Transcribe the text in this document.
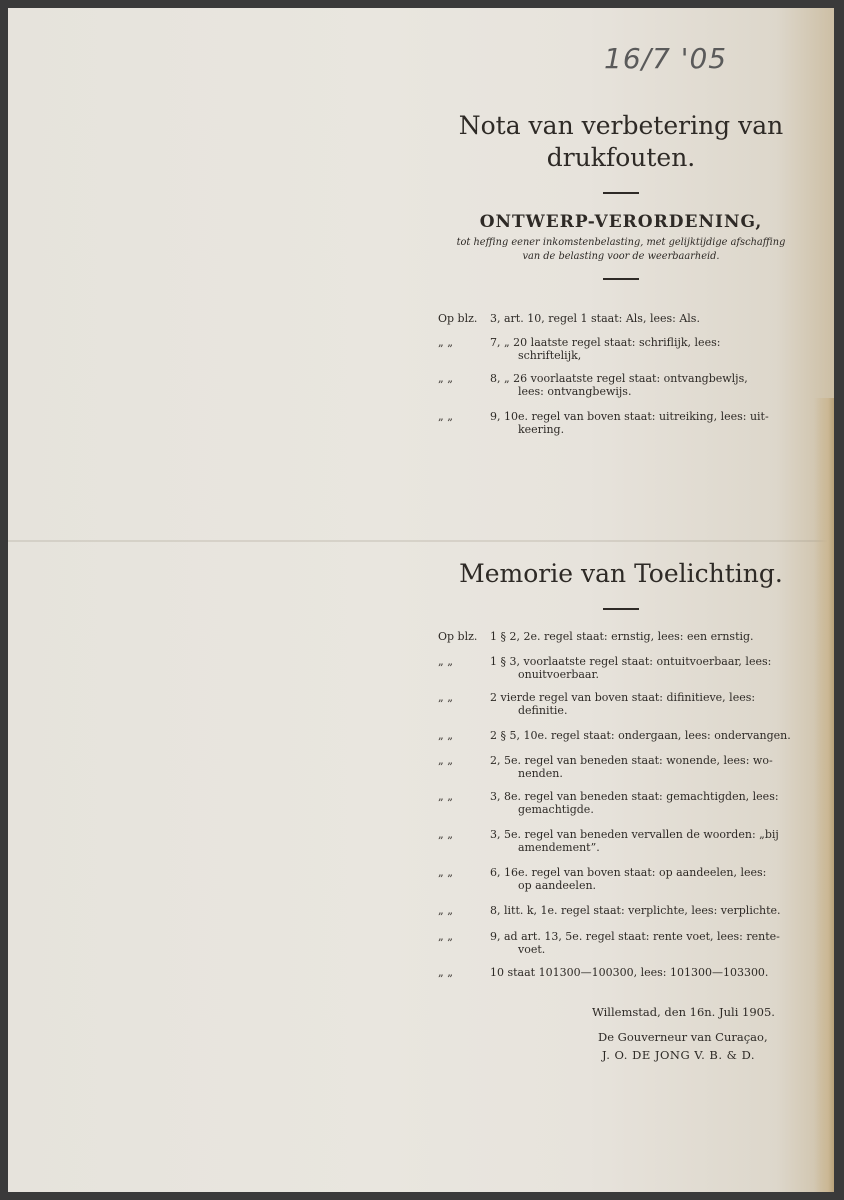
16/7 '05
Nota van verbetering van
drukfouten.
ONTWERP-VERORDENING,
tot heffing eener inkomstenbelasting, met gelijktijdige afschaffing
van de belasting voor de weerbaarheid.
Op blz. 3, art. 10, regel 1 staat: Als, lees: Als.
„ „	7, „ 20 laatste regel staat: schriflijk, lees:
schriftelijk,
„ „	8, „ 26 voorlaatste regel staat: ontvangbewljs,
lees: ontvangbewijs.
„ „	9, 10e. regel van boven staat: uitreiking, lees: uit-
keering.
Memorie van Toelichting.
Op blz. 1 § 2, 2e. regel staat: ernstig, lees: een ernstig.
„ „	1 § 3, voorlaatste regel staat: ontuitvoerbaar, lees:
onuitvoerbaar.
„ „	2 vierde regel van boven staat: difinitieve, lees:
definitie.
„ „	2 § 5, 10e. regel staat: ondergaan, lees: ondervangen.
„ „	2, 5e. regel van beneden staat: wonende, lees: wo-
nenden.
„ „	3, 8e. regel van beneden staat: gemachtigden, lees:
gemachtigde.
„ „	3, 5e. regel van beneden vervallen de woorden: „bij
amendement”.
„ „	6, 16e. regel van boven staat: op aandeelen, lees:
op aandeelen.
„ „	8, litt. k, 1e. regel staat: verplichte, lees: verplichte.
„ „	9, ad art. 13, 5e. regel staat: rente voet, lees: rente-
voet.
„ „	10 staat 101300—100300, lees: 101300—103300.
Willemstad, den 16n. Juli 1905.
De Gouverneur van Curaçao,
J. O. DE JONG V. B. & D.
